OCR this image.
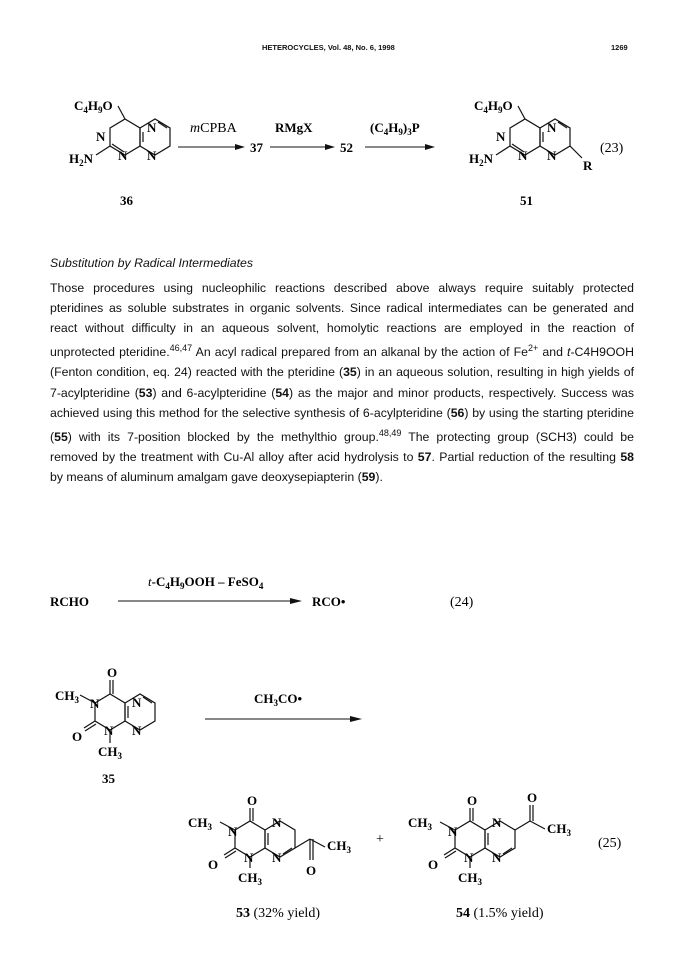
HETEROCYCLES, Vol. 48, No. 6, 1998	1269
$C_4H_9O$
N
N
N N
$H_2N$
36
mCPBA
37
RMgX
52
$(C_4H_9)_3P$
$C_4H_9O$
N
N
N N
$H_2N$	R
51
(23)
Substitution by Radical Intermediates

Those procedures using nucleophilic reactions described above always require suitably protected pteridines as soluble substrates in organic solvents. Since radical intermediates can be generated and react without difficulty in an aqueous solvent, homolytic reactions are employed in the reaction of unprotected pteridine.$^{46,47}$ An acyl radical prepared from an alkanal by the action of $Fe^{2+}$ and t-C4H9OOH (Fenton condition, eq. 24) reacted with the pteridine (35) in an aqueous solution, resulting in high yields of 7-acylpteridine (53) and 6-acylpteridine (54) as the major and minor products, respectively. Success was achieved using this method for the selective synthesis of 6-acylpteridine (56) by using the starting pteridine (55) with its 7-position blocked by the methylthio group.$^{48,49}$ The protecting group (SCH3) could be removed by the treatment with Cu-Al alloy after acid hydrolysis to 57. Partial reduction of the resulting 58 by means of aluminum amalgam gave deoxysepiapterin (59).

RCHO
$t-C_4H_9OOH$ – FeSO$_4$
RCO•	(24)
O
$CH_3$ N	N
N
N
O
$CH_3$
35
$CH_3CO•$
O
$CH_3$ N
N
N
N
O
$CH_3$
$CH_3$
O
53 (32% yield)
+
O
$CH_3$ N
N
N
N
O
$CH_3$
O
$CH_3$
54 (1.5% yield)
(25)
